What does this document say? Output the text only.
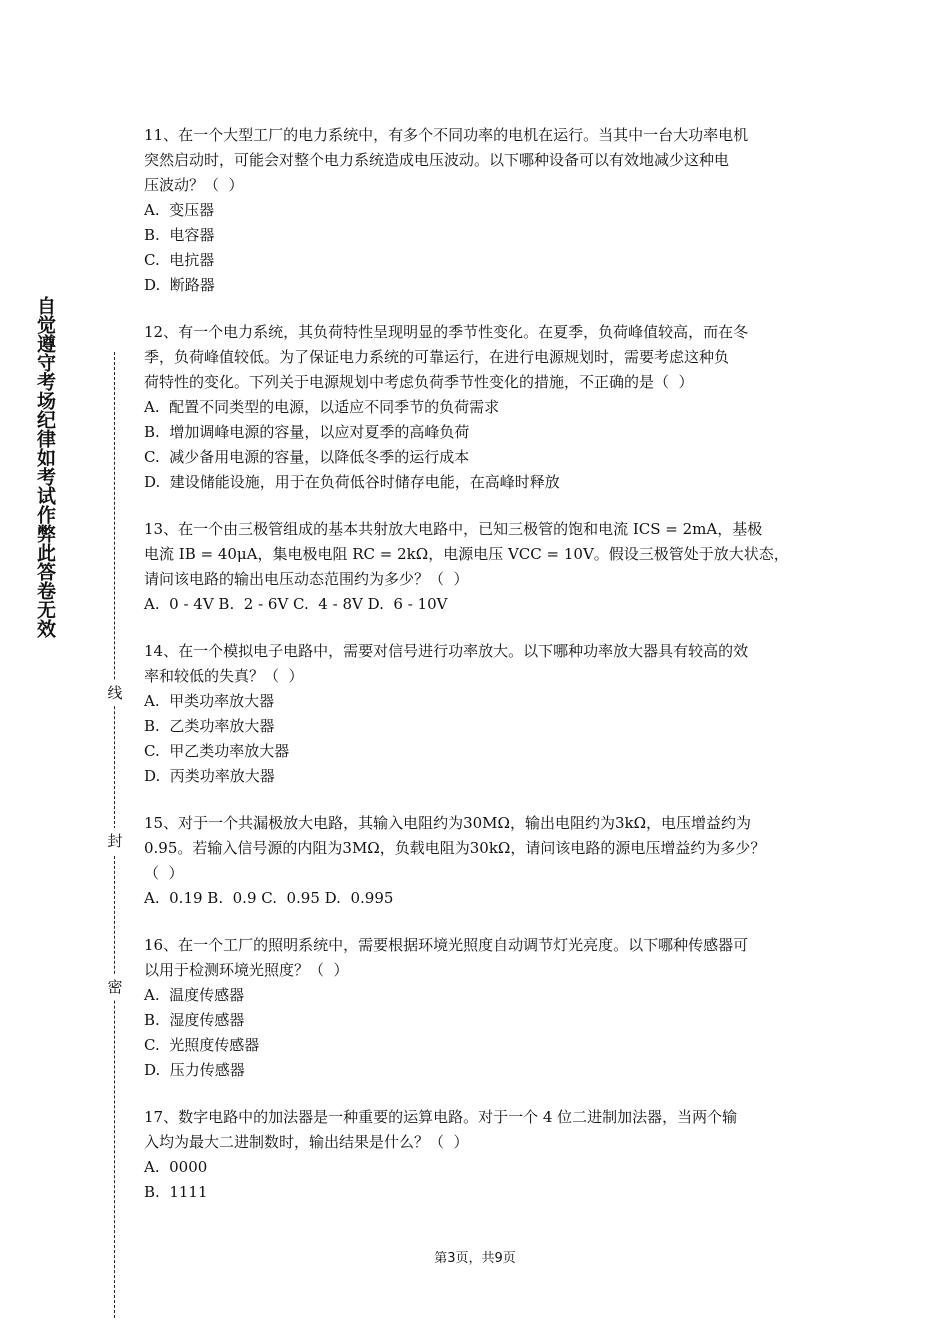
自觉遵守考场纪律如考试作弊此答卷无效
线
封
密
11、在一个大型工厂的电力系统中，有多个不同功率的电机在运行。当其中一台大功率电机
突然启动时，可能会对整个电力系统造成电压波动。以下哪种设备可以有效地减少这种电
压波动？（  ）
A.  变压器
B.  电容器
C.  电抗器
D.  断路器
12、有一个电力系统，其负荷特性呈现明显的季节性变化。在夏季，负荷峰值较高，而在冬
季，负荷峰值较低。为了保证电力系统的可靠运行，在进行电源规划时，需要考虑这种负
荷特性的变化。下列关于电源规划中考虑负荷季节性变化的措施，不正确的是（  ）
A.  配置不同类型的电源，以适应不同季节的负荷需求
B.  增加调峰电源的容量，以应对夏季的高峰负荷
C.  减少备用电源的容量，以降低冬季的运行成本
D.  建设储能设施，用于在负荷低谷时储存电能，在高峰时释放
13、在一个由三极管组成的基本共射放大电路中，已知三极管的饱和电流 ICS = 2mA，基极
电流 IB = 40μA，集电极电阻 RC = 2kΩ，电源电压 VCC = 10V。假设三极管处于放大状态，
请问该电路的输出电压动态范围约为多少？（  ）
A.  0 - 4V B.  2 - 6V C.  4 - 8V D.  6 - 10V
14、在一个模拟电子电路中，需要对信号进行功率放大。以下哪种功率放大器具有较高的效
率和较低的失真？（  ）
A.  甲类功率放大器
B.  乙类功率放大器
C.  甲乙类功率放大器
D.  丙类功率放大器
15、对于一个共漏极放大电路，其输入电阻约为30MΩ，输出电阻约为3kΩ，电压增益约为
0.95。若输入信号源的内阻为3MΩ，负载电阻为30kΩ，请问该电路的源电压增益约为多少？
（  ）
A.  0.19 B.  0.9 C.  0.95 D.  0.995
16、在一个工厂的照明系统中，需要根据环境光照度自动调节灯光亮度。以下哪种传感器可
以用于检测环境光照度？（  ）
A.  温度传感器
B.  湿度传感器
C.  光照度传感器
D.  压力传感器
17、数字电路中的加法器是一种重要的运算电路。对于一个 4 位二进制加法器，当两个输
入均为最大二进制数时，输出结果是什么？（  ）
A.  0000
B.  1111
第3页，共9页
